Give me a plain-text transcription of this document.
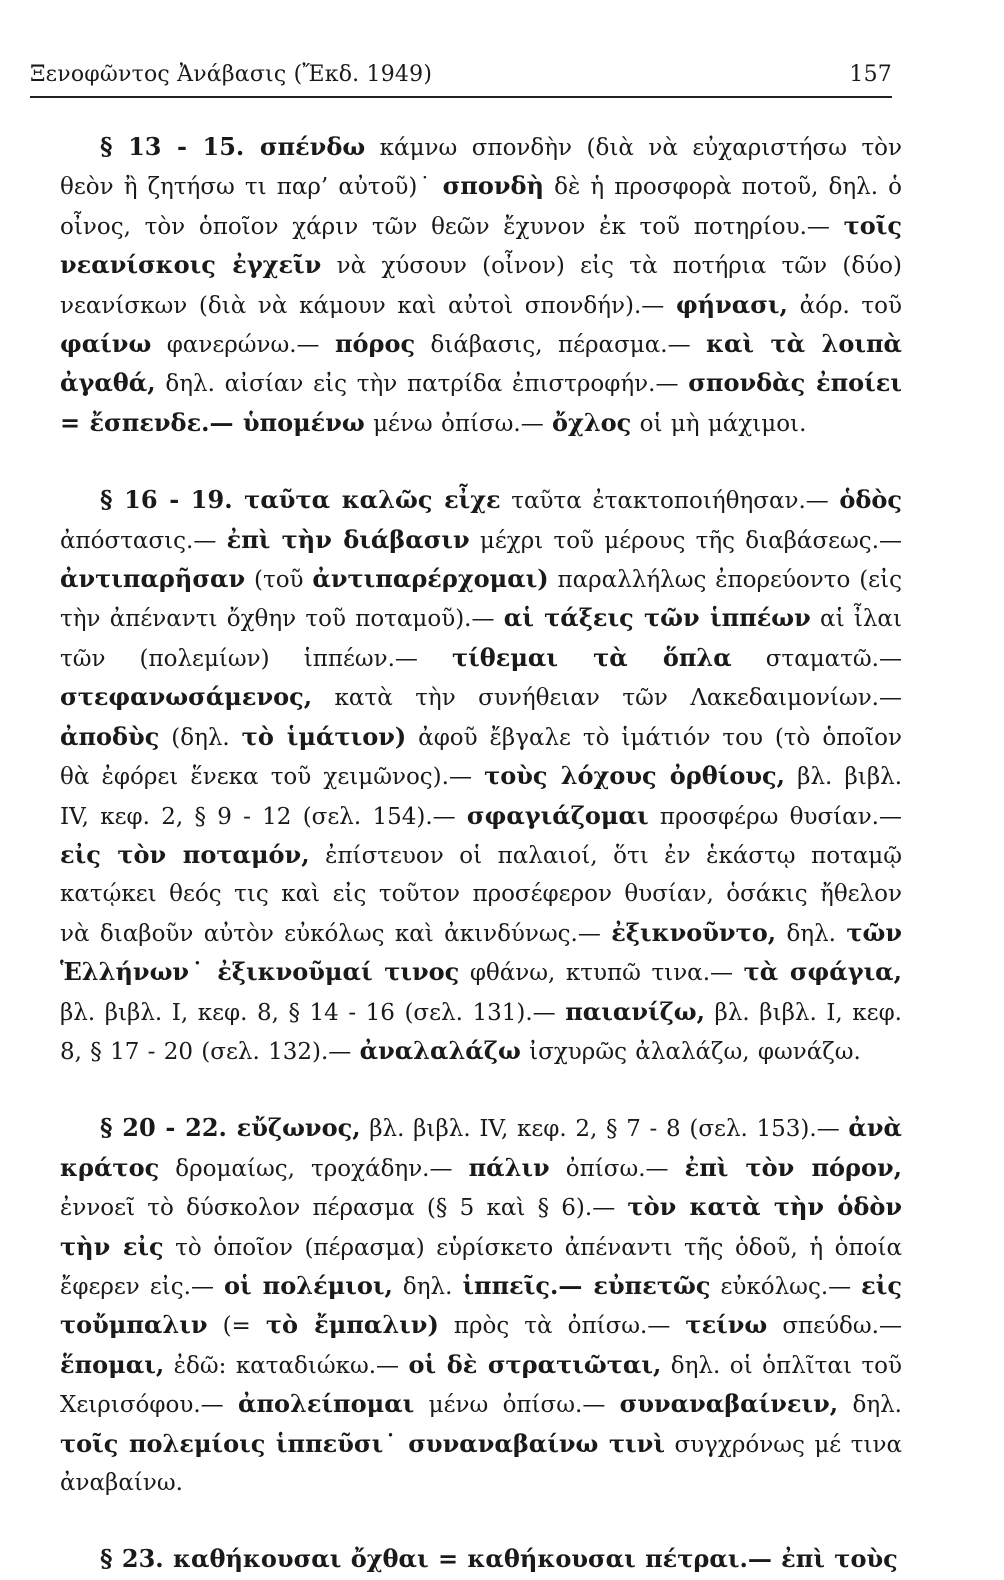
Ξενοφῶντος Ἀνάβασις (Ἔκδ. 1949)	157

§ 13 - 15. σπένδω κάμνω σπονδὴν (διὰ νὰ εὐχαριστήσω τὸν θεὸν ἢ ζητήσω τι παρ’ αὐτοῦ)˙ σπονδὴ δὲ ἡ προσφορὰ ποτοῦ, δηλ. ὁ οἶνος, τὸν ὁποῖον χάριν τῶν θεῶν ἔχυνον ἐκ τοῦ ποτηρίου.— τοῖς νεανίσκοις ἐγχεῖν νὰ χύσουν (οἶνον) εἰς τὰ ποτήρια τῶν (δύο) νεανίσκων (διὰ νὰ κάμουν καὶ αὐτοὶ σπονδήν).— φήνασι, ἀόρ. τοῦ φαίνω φανερώνω.— πόρος διάβασις, πέρασμα.— καὶ τὰ λοιπὰ ἀγαθά, δηλ. αἰσίαν εἰς τὴν πατρίδα ἐπιστροφήν.— σπονδὰς ἐποίει = ἔσπενδε.— ὑπομένω μένω ὀπίσω.— ὄχλος οἱ μὴ μάχιμοι.

§ 16 - 19. ταῦτα καλῶς εἶχε ταῦτα ἐτακτοποιήθησαν.— ὁδὸς ἀπόστασις.— ἐπὶ τὴν διάβασιν μέχρι τοῦ μέρους τῆς διαβάσεως.— ἀντιπαρῆσαν (τοῦ ἀντιπαρέρχομαι) παραλλήλως ἐπορεύοντο (εἰς τὴν ἀπέναντι ὄχθην τοῦ ποταμοῦ).— αἱ τάξεις τῶν ἱππέων αἱ ἶλαι τῶν (πολεμίων) ἱππέων.— τίθεμαι τὰ ὅπλα σταματῶ.— στεφανωσάμενος, κατὰ τὴν συνήθειαν τῶν Λακεδαιμονίων.— ἀποδὺς (δηλ. τὸ ἱμάτιον) ἀφοῦ ἔβγαλε τὸ ἱμάτιόν του (τὸ ὁποῖον θὰ ἐφόρει ἕνεκα τοῦ χειμῶνος).— τοὺς λόχους ὀρθίους, βλ. βιβλ. IV, κεφ. 2, § 9 - 12 (σελ. 154).— σφαγιάζομαι προσφέρω θυσίαν.— εἰς τὸν ποταμόν, ἐπίστευον οἱ παλαιοί, ὅτι ἐν ἑκάστῳ ποταμῷ κατῴκει θεός τις καὶ εἰς τοῦτον προσέφερον θυσίαν, ὁσάκις ἤθελον νὰ διαβοῦν αὐτὸν εὐκόλως καὶ ἀκινδύνως.— ἐξικνοῦντο, δηλ. τῶν Ἑλλήνων˙ ἐξικνοῦμαί τινος φθάνω, κτυπῶ τινα.— τὰ σφάγια, βλ. βιβλ. I, κεφ. 8, § 14 - 16 (σελ. 131).— παιανίζω, βλ. βιβλ. I, κεφ. 8, § 17 - 20 (σελ. 132).— ἀναλαλάζω ἰσχυρῶς ἀλαλάζω, φωνάζω.

§ 20 - 22. εὔζωνος, βλ. βιβλ. IV, κεφ. 2, § 7 - 8 (σελ. 153).— ἀνὰ κράτος δρομαίως, τροχάδην.— πάλιν ὀπίσω.— ἐπὶ τὸν πόρον, ἐννοεῖ τὸ δύσκολον πέρασμα (§ 5 καὶ § 6).— τὸν κατὰ τὴν ὁδὸν τὴν εἰς τὸ ὁποῖον (πέρασμα) εὑρίσκετο ἀπέναντι τῆς ὁδοῦ, ἡ ὁποία ἔφερεν εἰς.— οἱ πολέμιοι, δηλ. ἱππεῖς.— εὐπετῶς εὐκόλως.— εἰς τοὔμπαλιν (= τὸ ἔμπαλιν) πρὸς τὰ ὀπίσω.— τείνω σπεύδω.— ἕπομαι, ἐδῶ: καταδιώκω.— οἱ δὲ στρατιῶται, δηλ. οἱ ὁπλῖται τοῦ Χειρισόφου.— ἀπολείπομαι μένω ὀπίσω.— συναναβαίνειν, δηλ. τοῖς πολεμίοις ἱππεῦσι˙ συναναβαίνω τινὶ συγχρόνως μέ τινα ἀναβαίνω.

§ 23. καθήκουσαι ὄχθαι = καθήκουσαι πέτραι.— ἐπὶ τοὺς
